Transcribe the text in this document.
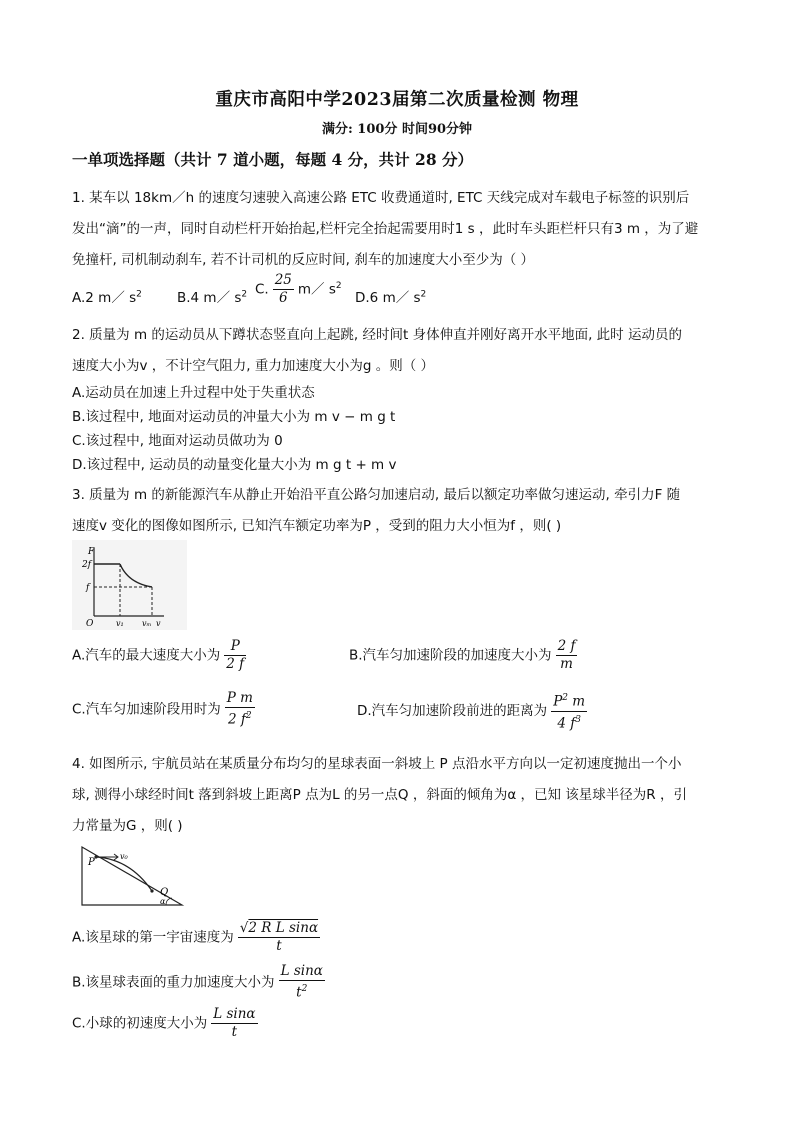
重庆市高阳中学2023届第二次质量检测 物理
满分: 100分 时间90分钟
一单项选择题（共计 7 道小题，每题 4 分，共计 28 分）
1. 某车以 18km／h 的速度匀速驶入高速公路 ETC 收费通道时, ETC 天线完成对车载电子标签的识别后
发出“滴”的一声，同时自动栏杆开始抬起,栏杆完全抬起需要用时1 s ，此时车头距栏杆只有3 m ，为了避
免撞杆, 司机制动刹车, 若不计司机的反应时间, 刹车的加速度大小至少为（ ）
A.2 m／ $s^2$	B.4 m／ $s^2$ C. $\frac{25}{6}$ m／ $s^2$
D.6 m／ $s^2$
2. 质量为 m 的运动员从下蹲状态竖直向上起跳, 经时间t 身体伸直并刚好离开水平地面, 此时 运动员的
速度大小为v ，不计空气阻力, 重力加速度大小为g 。则（ ）
A.运动员在加速上升过程中处于失重状态
B.该过程中, 地面对运动员的冲量大小为 m v − m g t
C.该过程中, 地面对运动员做功为 0
D.该过程中, 运动员的动量变化量大小为 m g t + m v
3. 质量为 m 的新能源汽车从静止开始沿平直公路匀加速启动, 最后以额定功率做匀速运动, 牵引力F 随
速度v 变化的图像如图所示, 已知汽车额定功率为P ，受到的阻力大小恒为f ，则( )
F
2f
f
O	v₁ vₘ v
A.汽车的最大速度大小为 $\frac{P}{2 f}$	B.汽车匀加速阶段的加速度大小为 $\frac{2 f}{m}$
C.汽车匀加速阶段用时为 $\frac{\text{P m}}{2 f^2}$	D.汽车匀加速阶段前进的距离为 $\frac{P^2 m}{4 f^3}$
4. 如图所示, 宇航员站在某质量分布均匀的星球表面一斜坡上 P 点沿水平方向以一定初速度抛出一个小
球, 测得小球经时间t 落到斜坡上距离P 点为L 的另一点Q ，斜面的倾角为α ，已知 该星球半径为R ，引
力常量为G ，则( )
P
v₀
Q
α
A.该星球的第一宇宙速度为 $\frac{\text{√2 R L sinα}}{t}$
B.该星球表面的重力加速度大小为 $\frac{\text{L sinα}}{t^2}$
C.小球的初速度大小为 $\frac{\text{L sinα}}{t}$
